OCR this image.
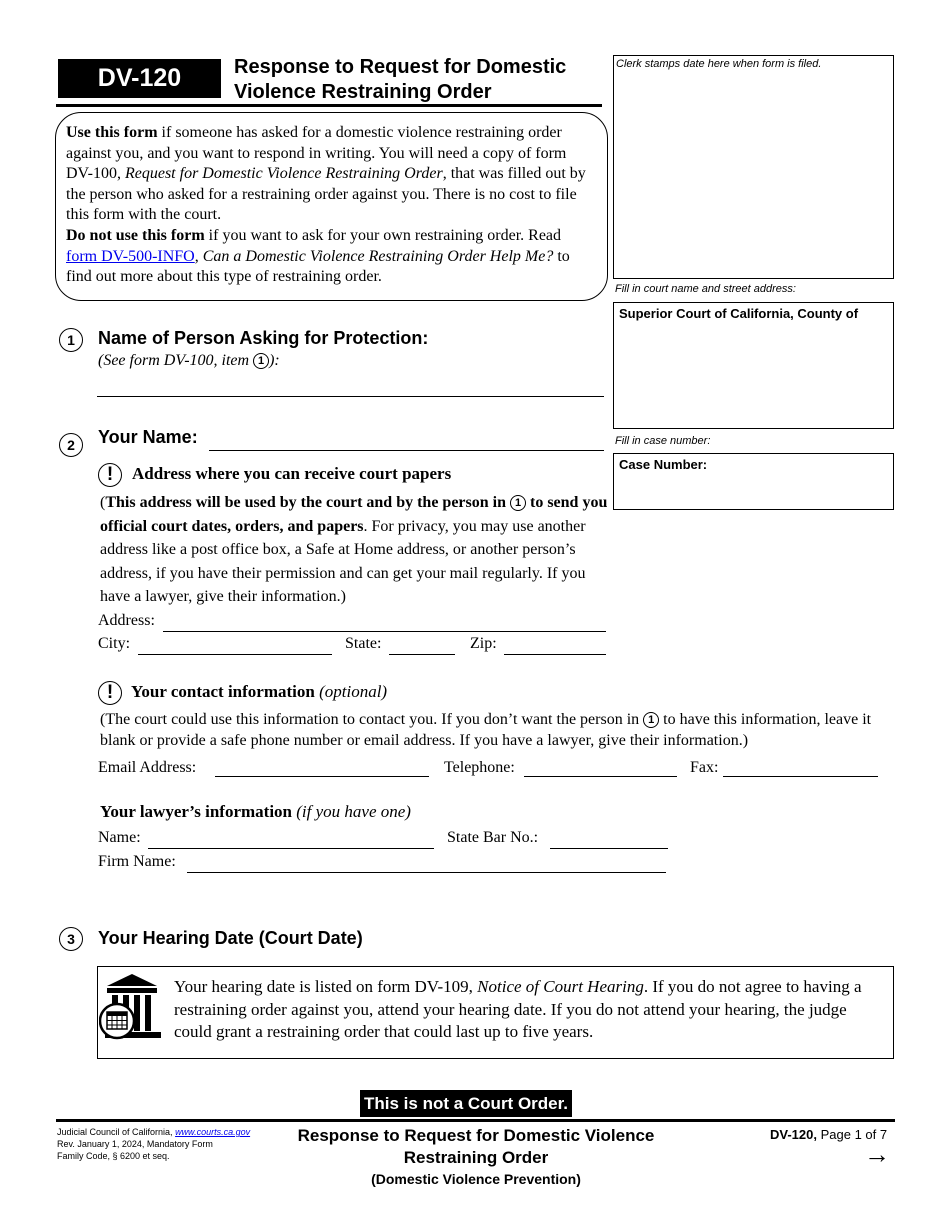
DV-120	Response to Request for Domestic
Violence Restraining Order
Clerk stamps date here when form is filed.
Fill in court name and street address:
Superior Court of California, County of
Fill in case number:
Case Number:
Use this form if someone has asked for a domestic violence restraining order against you, and you want to respond in writing. You will need a copy of form DV-100, Request for Domestic Violence Restraining Order, that was filled out by the person who asked for a restraining order against you. There is no cost to file this form with the court.
Do not use this form if you want to ask for your own restraining order. Read form DV-500-INFO, Can a Domestic Violence Restraining Order Help Me? to find out more about this type of restraining order.
1	Name of Person Asking for Protection:
(See form DV-100, item 1 ):
2	Your Name:
!	Address where you can receive court papers
(This address will be used by the court and by the person in 1 to send you official court dates, orders, and papers. For privacy, you may use another address like a post office box, a Safe at Home address, or another person’s address, if you have their permission and can get your mail regularly. If you have a lawyer, give their information.)
Address:
City:	State:	Zip:
!	Your contact information (optional)
(The court could use this information to contact you. If you don’t want the person in 1 to have this information, leave it blank or provide a safe phone number or email address. If you have a lawyer, give their information.)
Email Address:	Telephone:	Fax:
Your lawyer’s information (if you have one)
Name:	State Bar No.:
Firm Name:
3	Your Hearing Date (Court Date)
Your hearing date is listed on form DV-109, Notice of Court Hearing. If you do not agree to having a restraining order against you, attend your hearing date. If you do not attend your hearing, the judge could grant a restraining order that could last up to five years.
This is not a Court Order.
Judicial Council of California, www.courts.ca.gov
Rev. January 1, 2024, Mandatory Form
Family Code, § 6200 et seq.
Response to Request for Domestic Violence
Restraining Order
(Domestic Violence Prevention)
DV-120, Page 1 of 7
→
